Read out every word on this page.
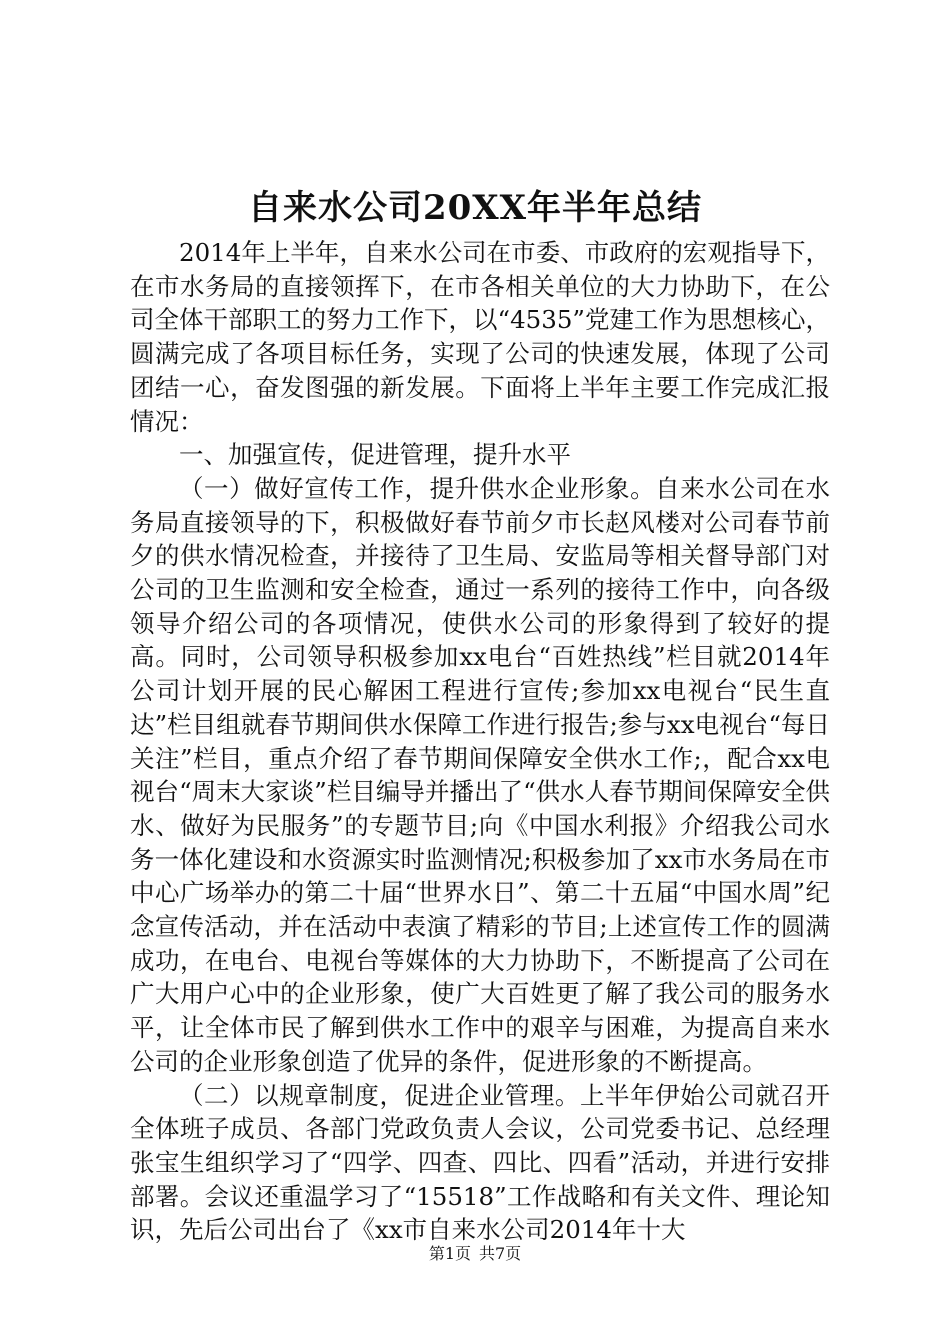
自来水公司20XX年半年总结

2014年上半年，自来水公司在市委、市政府的宏观指导下，在市水务局的直接领挥下，在市各相关单位的大力协助下，在公司全体干部职工的努力工作下，以“4535”党建工作为思想核心，圆满完成了各项目标任务，实现了公司的快速发展，体现了公司团结一心，奋发图强的新发展。下面将上半年主要工作完成汇报情况：

一、加强宣传，促进管理，提升水平

（一）做好宣传工作，提升供水企业形象。自来水公司在水务局直接领导的下，积极做好春节前夕市长赵风楼对公司春节前夕的供水情况检查，并接待了卫生局、安监局等相关督导部门对公司的卫生监测和安全检查，通过一系列的接待工作中，向各级领导介绍公司的各项情况，使供水公司的形象得到了较好的提高。同时，公司领导积极参加xx电台“百姓热线”栏目就2014年公司计划开展的民心解困工程进行宣传;参加xx电视台“民生直达”栏目组就春节期间供水保障工作进行报告;参与xx电视台“每日关注”栏目，重点介绍了春节期间保障安全供水工作;，配合xx电视台“周末大家谈”栏目编导并播出了“供水人春节期间保障安全供水、做好为民服务”的专题节目;向《中国水利报》介绍我公司水务一体化建设和水资源实时监测情况;积极参加了xx市水务局在市中心广场举办的第二十届“世界水日”、第二十五届“中国水周”纪念宣传活动，并在活动中表演了精彩的节目;上述宣传工作的圆满成功，在电台、电视台等媒体的大力协助下，不断提高了公司在广大用户心中的企业形象，使广大百姓更了解了我公司的服务水平，让全体市民了解到供水工作中的艰辛与困难，为提高自来水公司的企业形象创造了优异的条件，促进形象的不断提高。

（二）以规章制度，促进企业管理。上半年伊始公司就召开全体班子成员、各部门党政负责人会议，公司党委书记、总经理张宝生组织学习了“四学、四查、四比、四看”活动，并进行安排部署。会议还重温学习了“15518”工作战略和有关文件、理论知识，先后公司出台了《xx市自来水公司2014年十大

第1页 共7页
